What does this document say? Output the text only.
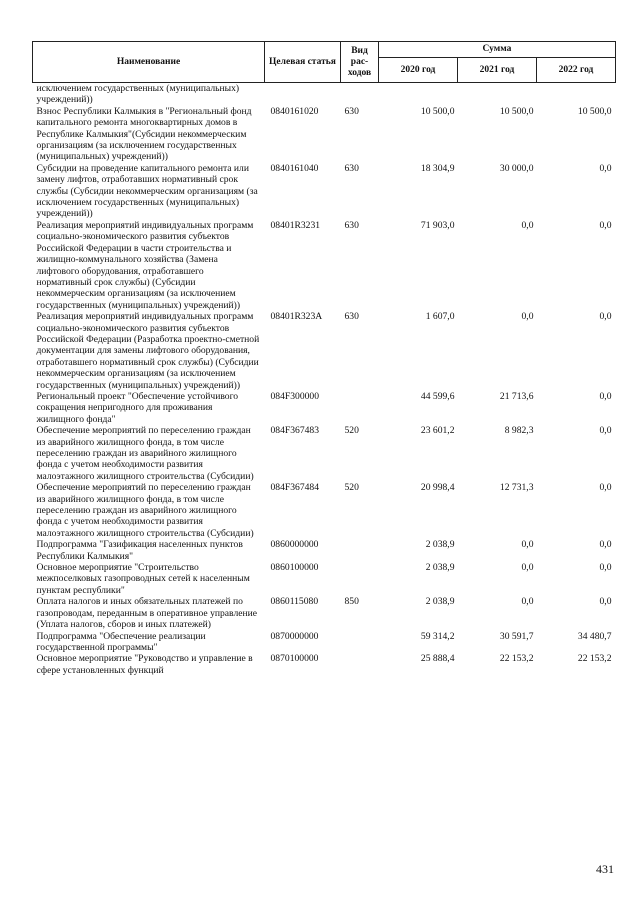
Наименование	Целевая статья	Вид рас-ходов	Сумма		
			2020 год	2021 год	2022 год
исключением государственных (муниципальных) учреждений))					
Взнос Республики Калмыкия в "Региональный фонд капитального ремонта многоквартирных домов в Республике Калмыкия"(Субсидии некоммерческим организациям (за исключением государственных (муниципальных) учреждений))	0840161020	630	10 500,0	10 500,0	10 500,0
Субсидии на проведение капитального ремонта или замену лифтов, отработавших нормативный срок службы (Субсидии некоммерческим организациям (за исключением государственных (муниципальных) учреждений))	0840161040	630	18 304,9	30 000,0	0,0
Реализация мероприятий индивидуальных программ социально-экономического развития субъектов Российской Федерации в части строительства и жилищно-коммунального хозяйства (Замена лифтового оборудования, отработавшего нормативный срок службы) (Субсидии некоммерческим организациям (за исключением государственных (муниципальных) учреждений))	08401R3231	630	71 903,0	0,0	0,0
Реализация мероприятий индивидуальных программ социально-экономического развития субъектов Российской Федерации (Разработка проектно-сметной документации для замены лифтового оборудования, отработавшего нормативный срок службы) (Субсидии некоммерческим организациям (за исключением государственных (муниципальных) учреждений))	08401R323A	630	1 607,0	0,0	0,0
Региональный проект "Обеспечение устойчивого сокращения непригодного для проживания жилищного фонда"	084F300000		44 599,6	21 713,6	0,0
Обеспечение мероприятий по переселению граждан из аварийного жилищного фонда, в том числе переселению граждан из аварийного жилищного фонда с учетом необходимости развития малоэтажного жилищного строительства (Субсидии)	084F367483	520	23 601,2	8 982,3	0,0
Обеспечение мероприятий по переселению граждан из аварийного жилищного фонда, в том числе переселению граждан из аварийного жилищного фонда с учетом необходимости развития малоэтажного жилищного строительства (Субсидии)	084F367484	520	20 998,4	12 731,3	0,0
Подпрограмма "Газификация населенных пунктов Республики Калмыкия"	0860000000		2 038,9	0,0	0,0
Основное мероприятие "Строительство межпоселковых газопроводных сетей к населенным пунктам республики"	0860100000		2 038,9	0,0	0,0
Оплата налогов и иных обязательных платежей по газопроводам, переданным в оперативное управление (Уплата налогов, сборов и иных платежей)	0860115080	850	2 038,9	0,0	0,0
Подпрограмма "Обеспечение реализации государственной программы"	0870000000		59 314,2	30 591,7	34 480,7
Основное мероприятие "Руководство и управление в сфере установленных функций	0870100000		25 888,4	22 153,2	22 153,2
431
